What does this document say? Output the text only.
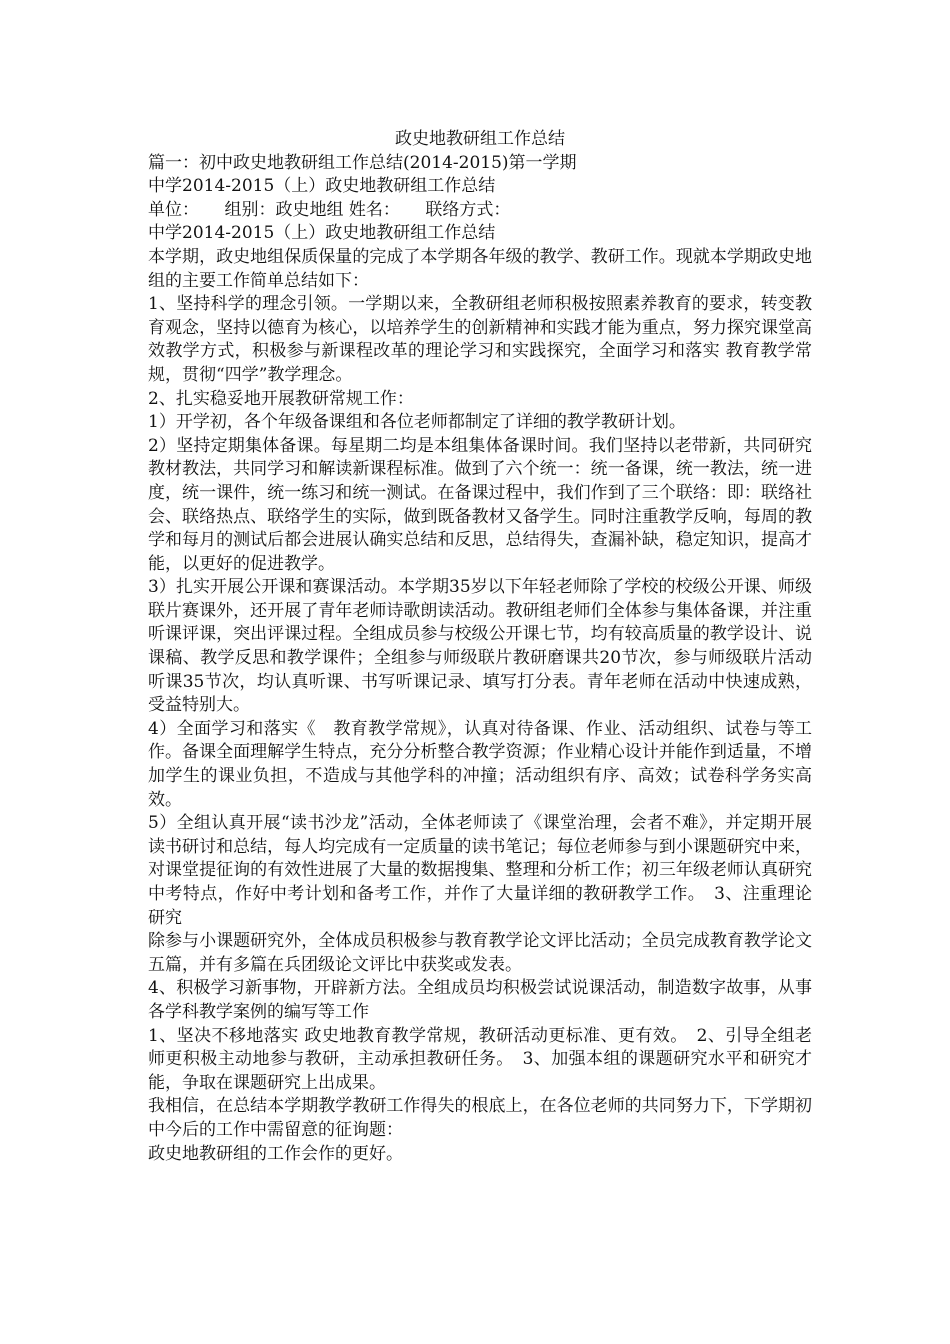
政史地教研组工作总结

篇一：初中政史地教研组工作总结(2014-2015)第一学期

中学2014-2015（上）政史地教研组工作总结

单位：　　组别：政史地组 姓名：　　联络方式：

中学2014-2015（上）政史地教研组工作总结

本学期，政史地组保质保量的完成了本学期各年级的教学、教研工作。现就本学期政史地组的主要工作简单总结如下：

1、坚持科学的理念引领。一学期以来，全教研组老师积极按照素养教育的要求，转变教育观念，坚持以德育为核心，以培养学生的创新精神和实践才能为重点，努力探究课堂高效教学方式，积极参与新课程改革的理论学习和实践探究，全面学习和落实 教育教学常规，贯彻“四学”教学理念。

2、扎实稳妥地开展教研常规工作：

1）开学初，各个年级备课组和各位老师都制定了详细的教学教研计划。

2）坚持定期集体备课。每星期二均是本组集体备课时间。我们坚持以老带新，共同研究教材教法，共同学习和解读新课程标准。做到了六个统一：统一备课，统一教法，统一进度，统一课件，统一练习和统一测试。在备课过程中，我们作到了三个联络：即：联络社会、联络热点、联络学生的实际，做到既备教材又备学生。同时注重教学反响，每周的教学和每月的测试后都会进展认确实总结和反思，总结得失，查漏补缺，稳定知识，提高才能，以更好的促进教学。

3）扎实开展公开课和赛课活动。本学期35岁以下年轻老师除了学校的校级公开课、师级联片赛课外，还开展了青年老师诗歌朗读活动。教研组老师们全体参与集体备课，并注重听课评课，突出评课过程。全组成员参与校级公开课七节，均有较高质量的教学设计、说课稿、教学反思和教学课件；全组参与师级联片教研磨课共20节次，参与师级联片活动听课35节次，均认真听课、书写听课记录、填写打分表。青年老师在活动中快速成熟，受益特别大。

4）全面学习和落实《　教育教学常规》，认真对待备课、作业、活动组织、试卷与等工作。备课全面理解学生特点，充分分析整合教学资源；作业精心设计并能作到适量，不增加学生的课业负担，不造成与其他学科的冲撞；活动组织有序、高效；试卷科学务实高效。

5）全组认真开展“读书沙龙”活动，全体老师读了《课堂治理，会者不难》，并定期开展读书研讨和总结，每人均完成有一定质量的读书笔记；每位老师参与到小课题研究中来，对课堂提征询的有效性进展了大量的数据搜集、整理和分析工作；初三年级老师认真研究中考特点，作好中考计划和备考工作，并作了大量详细的教研教学工作。　3、注重理论研究

除参与小课题研究外，全体成员积极参与教育教学论文评比活动；全员完成教育教学论文五篇，并有多篇在兵团级论文评比中获奖或发表。

4、积极学习新事物，开辟新方法。全组成员均积极尝试说课活动，制造数字故事，从事各学科教学案例的编写等工作

1、坚决不移地落实 政史地教育教学常规，教研活动更标准、更有效。　2、引导全组老师更积极主动地参与教研，主动承担教研任务。　3、加强本组的课题研究水平和研究才能，争取在课题研究上出成果。

我相信，在总结本学期教学教研工作得失的根底上，在各位老师的共同努力下，下学期初中今后的工作中需留意的征询题：

政史地教研组的工作会作的更好。
